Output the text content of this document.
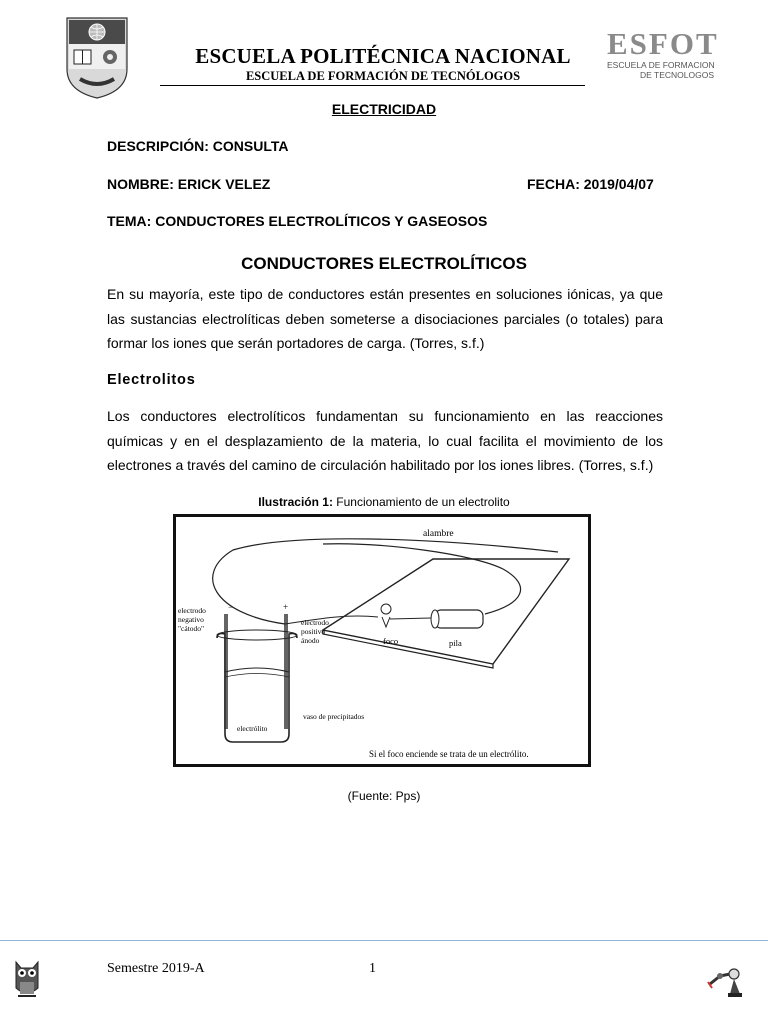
ESCUELA POLITÉCNICA NACIONAL
ESCUELA DE FORMACIÓN DE TECNÓLOGOS
ESFOT
ESCUELA DE FORMACION
DE TECNOLOGOS
ELECTRICIDAD
DESCRIPCIÓN: CONSULTA
NOMBRE: ERICK VELEZ	FECHA: 2019/04/07
TEMA: CONDUCTORES ELECTROLÍTICOS Y GASEOSOS
CONDUCTORES ELECTROLÍTICOS

En su mayoría, este tipo de conductores están presentes en soluciones iónicas, ya que las sustancias electrolíticas deben someterse a disociaciones parciales (o totales) para formar los iones que serán portadores de carga. (Torres, s.f.)

Electrolitos

Los conductores electrolíticos fundamentan su funcionamiento en las reacciones químicas y en el desplazamiento de la materia, lo cual facilita el movimiento de los electrones a través del camino de circulación habilitado por los iones libres. (Torres, s.f.)

Ilustración 1: Funcionamiento de un electrolito
alambre
foco	pila
−	+
electrodo
negativo
"cátodo"
electrodo
positivo
ánodo
vaso de precipitados
electrólito
Si el foco enciende se trata de un electrólito.
(Fuente: Pps)
Semestre 2019-A	1
